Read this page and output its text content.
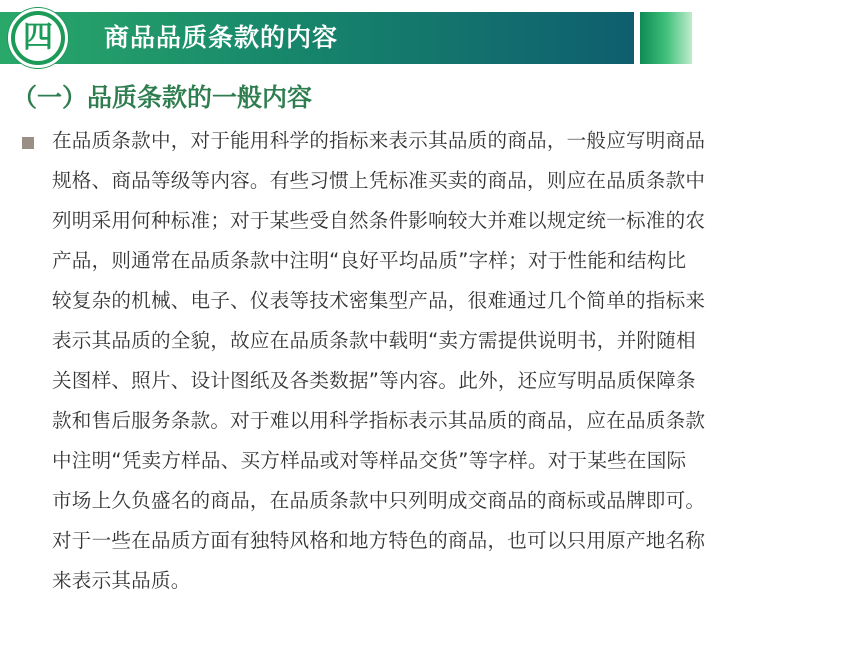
四	商品品质条款的内容
（一）品质条款的一般内容
在品质条款中，对于能用科学的指标来表示其品质的商品，一般应写明商品
规格、商品等级等内容。有些习惯上凭标准买卖的商品，则应在品质条款中
列明采用何种标准；对于某些受自然条件影响较大并难以规定统一标准的农
产品，则通常在品质条款中注明“良好平均品质”字样；对于性能和结构比
较复杂的机械、电子、仪表等技术密集型产品，很难通过几个简单的指标来
表示其品质的全貌，故应在品质条款中载明“卖方需提供说明书，并附随相
关图样、照片、设计图纸及各类数据”等内容。此外，还应写明品质保障条
款和售后服务条款。对于难以用科学指标表示其品质的商品，应在品质条款
中注明“凭卖方样品、买方样品或对等样品交货”等字样。对于某些在国际
市场上久负盛名的商品，在品质条款中只列明成交商品的商标或品牌即可。
对于一些在品质方面有独特风格和地方特色的商品，也可以只用原产地名称
来表示其品质。
